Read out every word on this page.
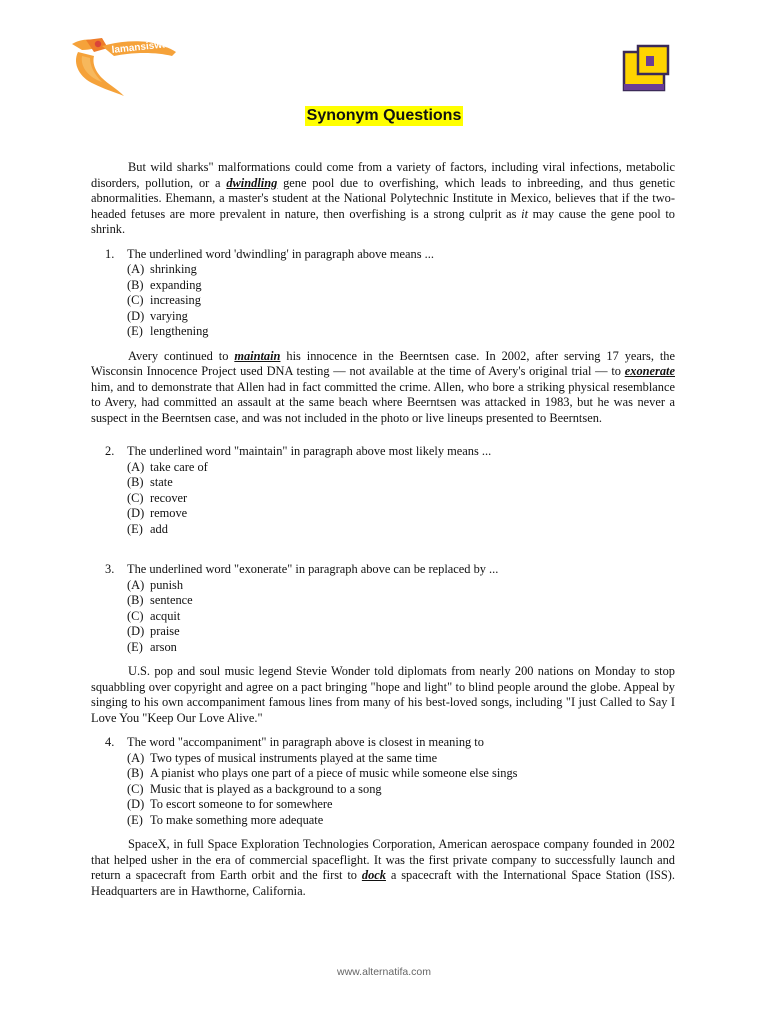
lamansiswa
Synonym Questions

But wild sharks" malformations could come from a variety of factors, including viral infections, metabolic disorders, pollution, or a dwindling gene pool due to overfishing, which leads to inbreeding, and thus genetic abnormalities. Ehemann, a master's student at the National Polytechnic Institute in Mexico, believes that if the two-headed fetuses are more prevalent in nature, then overfishing is a strong culprit as it may cause the gene pool to shrink.

1. The underlined word 'dwindling' in paragraph above means ...
(A) shrinking
(B) expanding
(C) increasing
(D) varying
(E) lengthening

Avery continued to maintain his innocence in the Beerntsen case. In 2002, after serving 17 years, the Wisconsin Innocence Project used DNA testing — not available at the time of Avery's original trial — to exonerate him, and to demonstrate that Allen had in fact committed the crime. Allen, who bore a striking physical resemblance to Avery, had committed an assault at the same beach where Beerntsen was attacked in 1983, but he was never a suspect in the Beerntsen case, and was not included in the photo or live lineups presented to Beerntsen.

2. The underlined word "maintain" in paragraph above most likely means ...
(A) take care of
(B) state
(C) recover
(D) remove
(E) add
3. The underlined word "exonerate" in paragraph above can be replaced by ...
(A) punish
(B) sentence
(C) acquit
(D) praise
(E) arson

U.S. pop and soul music legend Stevie Wonder told diplomats from nearly 200 nations on Monday to stop squabbling over copyright and agree on a pact bringing "hope and light" to blind people around the globe. Appeal by singing to his own accompaniment famous lines from many of his best-loved songs, including "I just Called to Say I Love You "Keep Our Love Alive."

4. The word "accompaniment" in paragraph above is closest in meaning to
(A) Two types of musical instruments played at the same time
(B) A pianist who plays one part of a piece of music while someone else sings
(C) Music that is played as a background to a song
(D) To escort someone to for somewhere
(E) To make something more adequate

SpaceX, in full Space Exploration Technologies Corporation, American aerospace company founded in 2002 that helped usher in the era of commercial spaceflight. It was the first private company to successfully launch and return a spacecraft from Earth orbit and the first to dock a spacecraft with the International Space Station (ISS). Headquarters are in Hawthorne, California.

www.alternatifa.com
